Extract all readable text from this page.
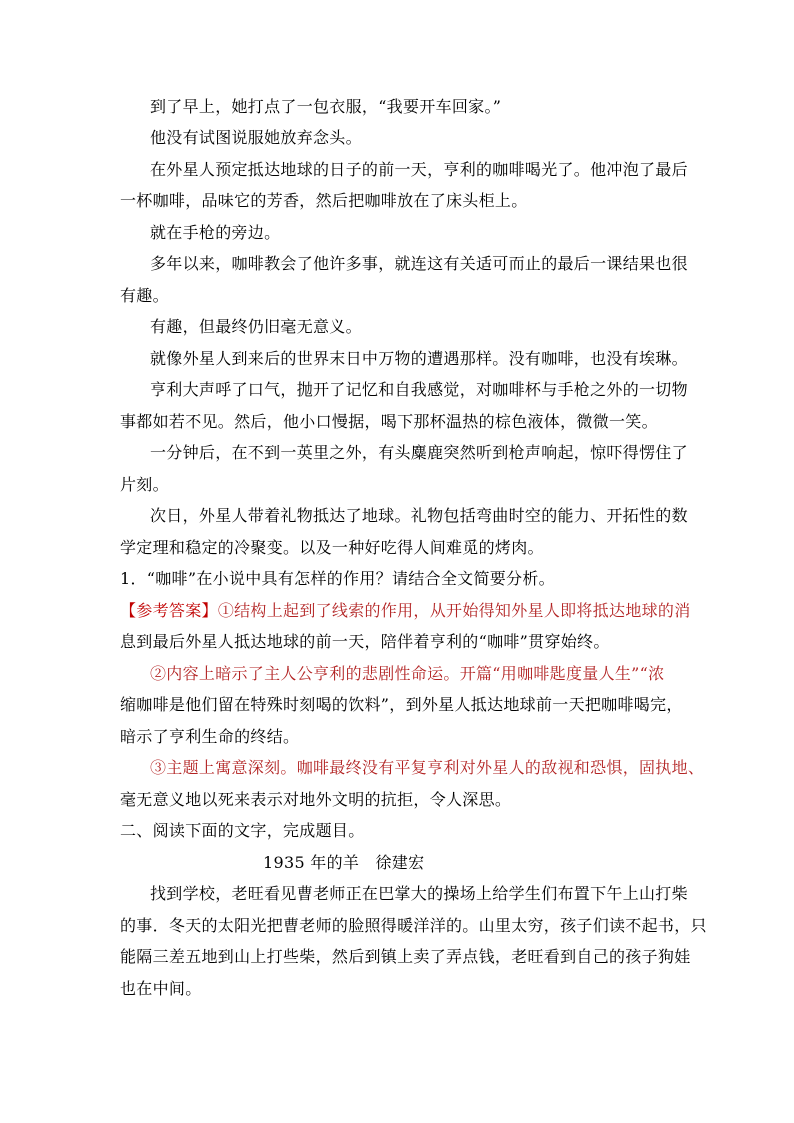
到了早上，她打点了一包衣服，“我要开车回家。”
他没有试图说服她放弃念头。
在外星人预定抵达地球的日子的前一天，亨利的咖啡喝光了。他冲泡了最后
一杯咖啡，品味它的芳香，然后把咖啡放在了床头柜上。
就在手枪的旁边。
多年以来，咖啡教会了他许多事，就连这有关适可而止的最后一课结果也很
有趣。
有趣，但最终仍旧毫无意义。
就像外星人到来后的世界末日中万物的遭遇那样。没有咖啡，也没有埃琳。
亨利大声呼了口气，抛开了记忆和自我感觉，对咖啡杯与手枪之外的一切物
事都如若不见。然后，他小口慢据，喝下那杯温热的棕色液体，微微一笑。
一分钟后，在不到一英里之外，有头麋鹿突然听到枪声响起，惊吓得愣住了
片刻。
次日，外星人带着礼物抵达了地球。礼物包括弯曲时空的能力、开拓性的数
学定理和稳定的冷聚变。以及一种好吃得人间难觅的烤肉。
1．“咖啡”在小说中具有怎样的作用？请结合全文简要分析。
【参考答案】①结构上起到了线索的作用，从开始得知外星人即将抵达地球的消
息到最后外星人抵达地球的前一天，陪伴着亨利的“咖啡”贯穿始终。
②内容上暗示了主人公亨利的悲剧性命运。开篇“用咖啡匙度量人生”“浓
缩咖啡是他们留在特殊时刻喝的饮料”，到外星人抵达地球前一天把咖啡喝完，
暗示了亨利生命的终结。
③主题上寓意深刻。咖啡最终没有平复亨利对外星人的敌视和恐惧，固执地、
毫无意义地以死来表示对地外文明的抗拒，令人深思。
二、阅读下面的文字，完成题目。
1935 年的羊　徐建宏
找到学校，老旺看见曹老师正在巴掌大的操场上给学生们布置下午上山打柴
的事．冬天的太阳光把曹老师的脸照得暖洋洋的。山里太穷，孩子们读不起书，只
能隔三差五地到山上打些柴，然后到镇上卖了弄点钱，老旺看到自己的孩子狗娃
也在中间。
